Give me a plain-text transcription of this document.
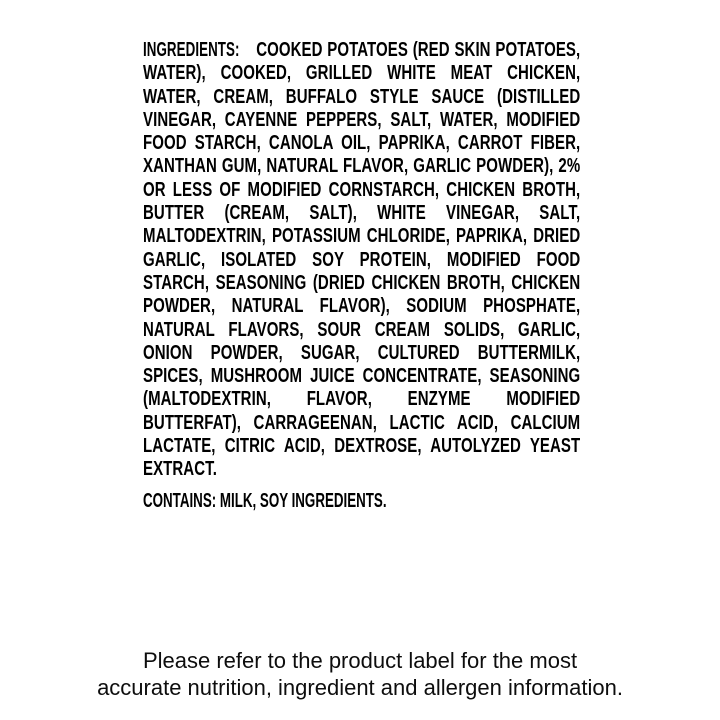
INGREDIENTS: COOKED POTATOES (RED SKIN POTATOES, WATER), COOKED, GRILLED WHITE MEAT CHICKEN, WATER, CREAM, BUFFALO STYLE SAUCE (DISTILLED VINEGAR, CAYENNE PEPPERS, SALT, WATER, MODIFIED FOOD STARCH, CANOLA OIL, PAPRIKA, CARROT FIBER, XANTHAN GUM, NATURAL FLAVOR, GARLIC POWDER), 2% OR LESS OF MODIFIED CORNSTARCH, CHICKEN BROTH, BUTTER (CREAM, SALT), WHITE VINEGAR, SALT, MALTODEXTRIN, POTASSIUM CHLORIDE, PAPRIKA, DRIED GARLIC, ISOLATED SOY PROTEIN, MODIFIED FOOD STARCH, SEASONING (DRIED CHICKEN BROTH, CHICKEN POWDER, NATURAL FLAVOR), SODIUM PHOSPHATE, NATURAL FLAVORS, SOUR CREAM SOLIDS, GARLIC, ONION POWDER, SUGAR, CULTURED BUTTERMILK, SPICES, MUSHROOM JUICE CONCENTRATE, SEASONING (MALTODEXTRIN, FLAVOR, ENZYME MODIFIED BUTTERFAT), CARRAGEENAN, LACTIC ACID, CALCIUM LACTATE, CITRIC ACID, DEXTROSE, AUTOLYZED YEAST EXTRACT.

CONTAINS: MILK, SOY INGREDIENTS.

Please refer to the product label for the most
accurate nutrition, ingredient and allergen information.
